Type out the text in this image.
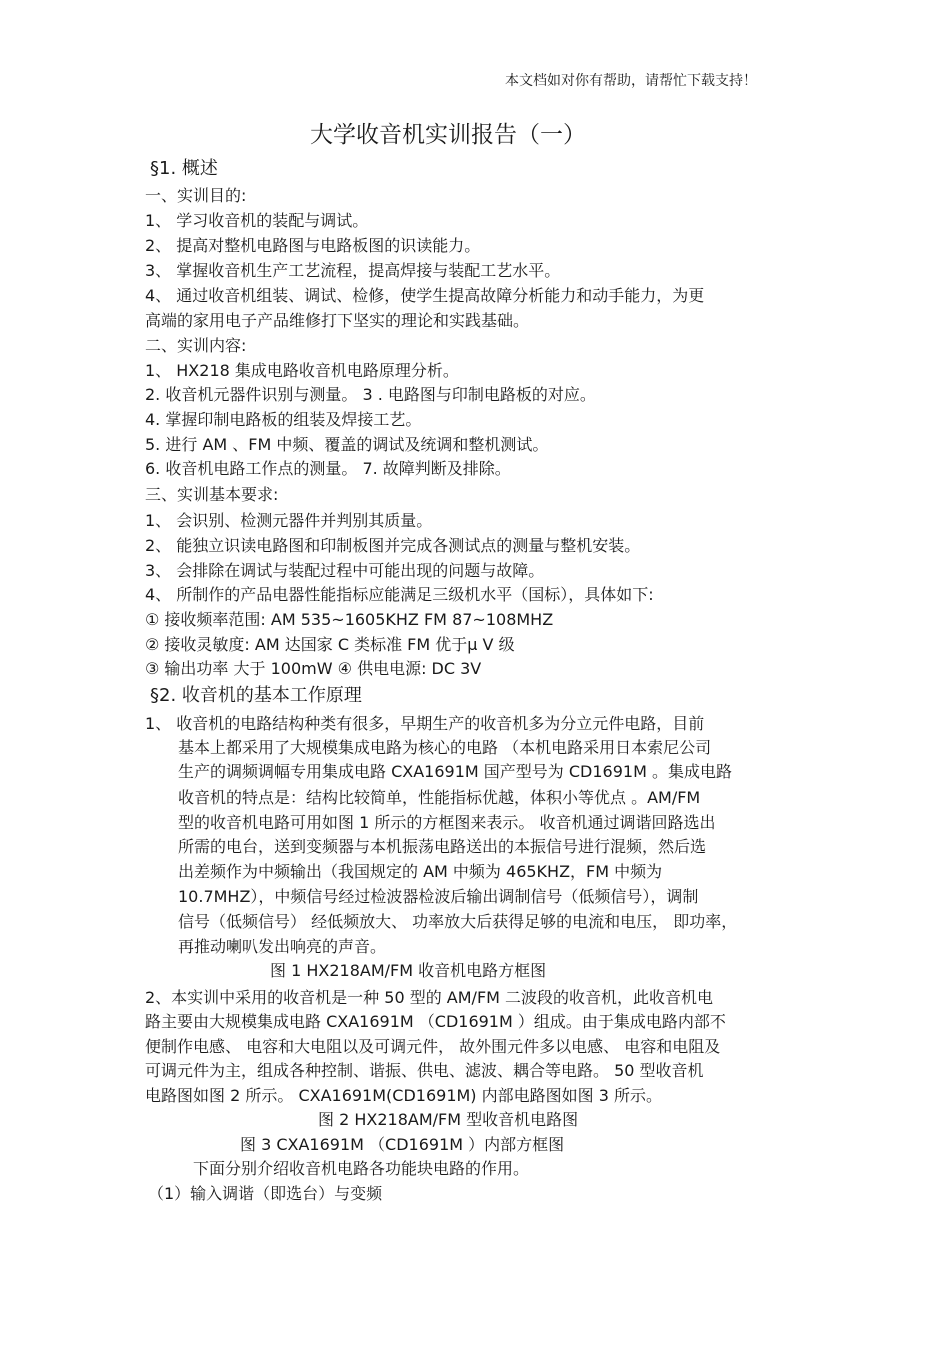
本文档如对你有帮助，请帮忙下载支持！
大学收音机实训报告（一）
§1. 概述
一、实训目的:
1、 学习收音机的装配与调试。
2、 提高对整机电路图与电路板图的识读能力。
3、 掌握收音机生产工艺流程，提高焊接与装配工艺水平。
4、 通过收音机组装、调试、检修，使学生提高故障分析能力和动手能力，为更
高端的家用电子产品维修打下坚实的理论和实践基础。
二、实训内容:
1、 HX218 集成电路收音机电路原理分析。
2. 收音机元器件识别与测量。 3 . 电路图与印制电路板的对应。
4. 掌握印制电路板的组装及焊接工艺。
5. 进行 AM 、FM 中频、覆盖的调试及统调和整机测试。
6. 收音机电路工作点的测量。 7. 故障判断及排除。
三、实训基本要求:
1、 会识别、检测元器件并判别其质量。
2、 能独立识读电路图和印制板图并完成各测试点的测量与整机安装。
3、 会排除在调试与装配过程中可能出现的问题与故障。
4、 所制作的产品电器性能指标应能满足三级机水平（国标），具体如下:
① 接收频率范围: AM 535~1605KHZ FM 87~108MHZ
② 接收灵敏度: AM 达国家 C 类标准 FM 优于μ V 级
③ 输出功率 大于 100mW ④ 供电电源: DC 3V
§2. 收音机的基本工作原理
1、 收音机的电路结构种类有很多，早期生产的收音机多为分立元件电路，目前
基本上都采用了大规模集成电路为核心的电路 （本机电路采用日本索尼公司
生产的调频调幅专用集成电路 CXA1691M 国产型号为 CD1691M 。集成电路
收音机的特点是：结构比较简单，性能指标优越，体积小等优点 。AM/FM
型的收音机电路可用如图 1 所示的方框图来表示。 收音机通过调谐回路选出
所需的电台，送到变频器与本机振荡电路送出的本振信号进行混频，然后选
出差频作为中频输出（我国规定的 AM 中频为 465KHZ，FM 中频为
10.7MHZ），中频信号经过检波器检波后输出调制信号（低频信号），调制
信号（低频信号） 经低频放大、 功率放大后获得足够的电流和电压， 即功率，
再推动喇叭发出响亮的声音。
图 1 HX218AM/FM 收音机电路方框图
2、本实训中采用的收音机是一种 50 型的 AM/FM 二波段的收音机，此收音机电
路主要由大规模集成电路 CXA1691M （CD1691M ）组成。由于集成电路内部不
便制作电感、 电容和大电阻以及可调元件， 故外围元件多以电感、 电容和电阻及
可调元件为主，组成各种控制、谐振、供电、滤波、耦合等电路。 50 型收音机
电路图如图 2 所示。 CXA1691M(CD1691M) 内部电路图如图 3 所示。
图 2 HX218AM/FM 型收音机电路图
图 3 CXA1691M （CD1691M ）内部方框图
下面分别介绍收音机电路各功能块电路的作用。
（1）输入调谐（即选台）与变频
